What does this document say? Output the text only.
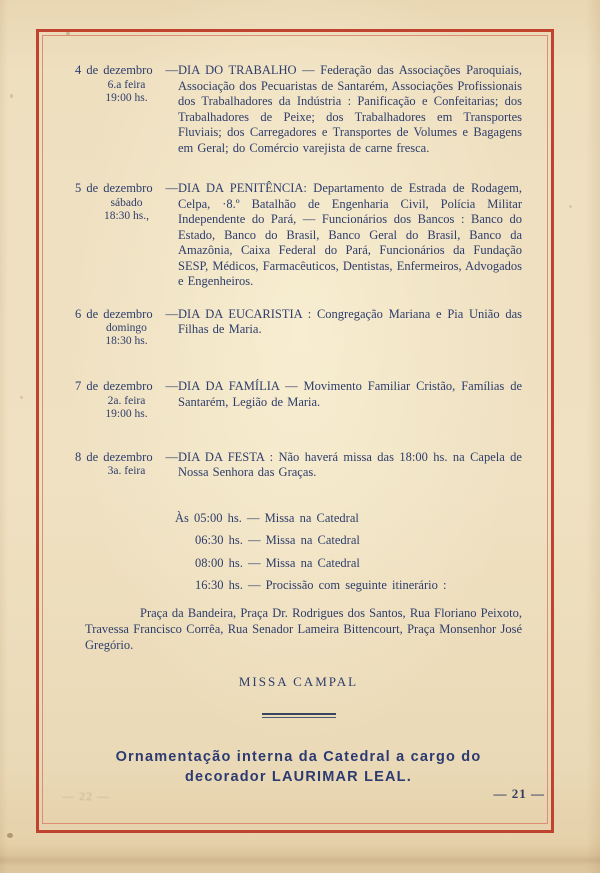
4 de dezembro —
6.a feira
19:00 hs.
DIA DO TRABALHO — Federação das Associações Paroquiais, Associação dos Pecuaristas de Santarém, Associações Profissionais dos Trabalhadores da Indústria : Panificação e Confeitarias; dos Trabalhadores de Peixe; dos Trabalhadores em Transportes Fluviais; dos Carregadores e Transportes de Volumes e Bagagens em Geral; do Comércio varejista de carne fresca.
5 de dezembro —
sábado
18:30 hs.,
DIA DA PENITÊNCIA: Departamento de Estrada de Rodagem, Celpa, ·8.º Batalhão de Engenharia Civil, Polícia Militar Independente do Pará, — Funcionários dos Bancos : Banco do Estado, Banco do Brasil, Banco Geral do Brasil, Banco da Amazônia, Caixa Federal do Pará, Funcionários da Fundação SESP, Médicos, Farmacêuticos, Dentistas, Enfermeiros, Advogados e Engenheiros.
6 de dezembro —
domingo
18:30 hs.
DIA DA EUCARISTIA : Congregação Mariana e Pia União das Filhas de Maria.
7 de dezembro —
2a. feira
19:00 hs.
DIA DA FAMÍLIA — Movimento Familiar Cristão, Famílias de Santarém, Legião de Maria.
8 de dezembro —
3a. feira
DIA DA FESTA : Não haverá missa das 18:00 hs. na Capela de Nossa Senhora das Graças.
Às 05:00 hs. — Missa na Catedral
06:30 hs. — Missa na Catedral
08:00 hs. — Missa na Catedral
16:30 hs. — Procissão com seguinte itinerário :

Praça da Bandeira, Praça Dr. Rodrigues dos Santos, Rua Floriano Peixoto, Travessa Francisco Corrêa, Rua Senador Lameira Bittencourt, Praça Monsenhor José Gregório.

MISSA CAMPAL
Ornamentação interna da Catedral a cargo do
decorador LAURIMAR LEAL.
— 22 —	— 21 —
